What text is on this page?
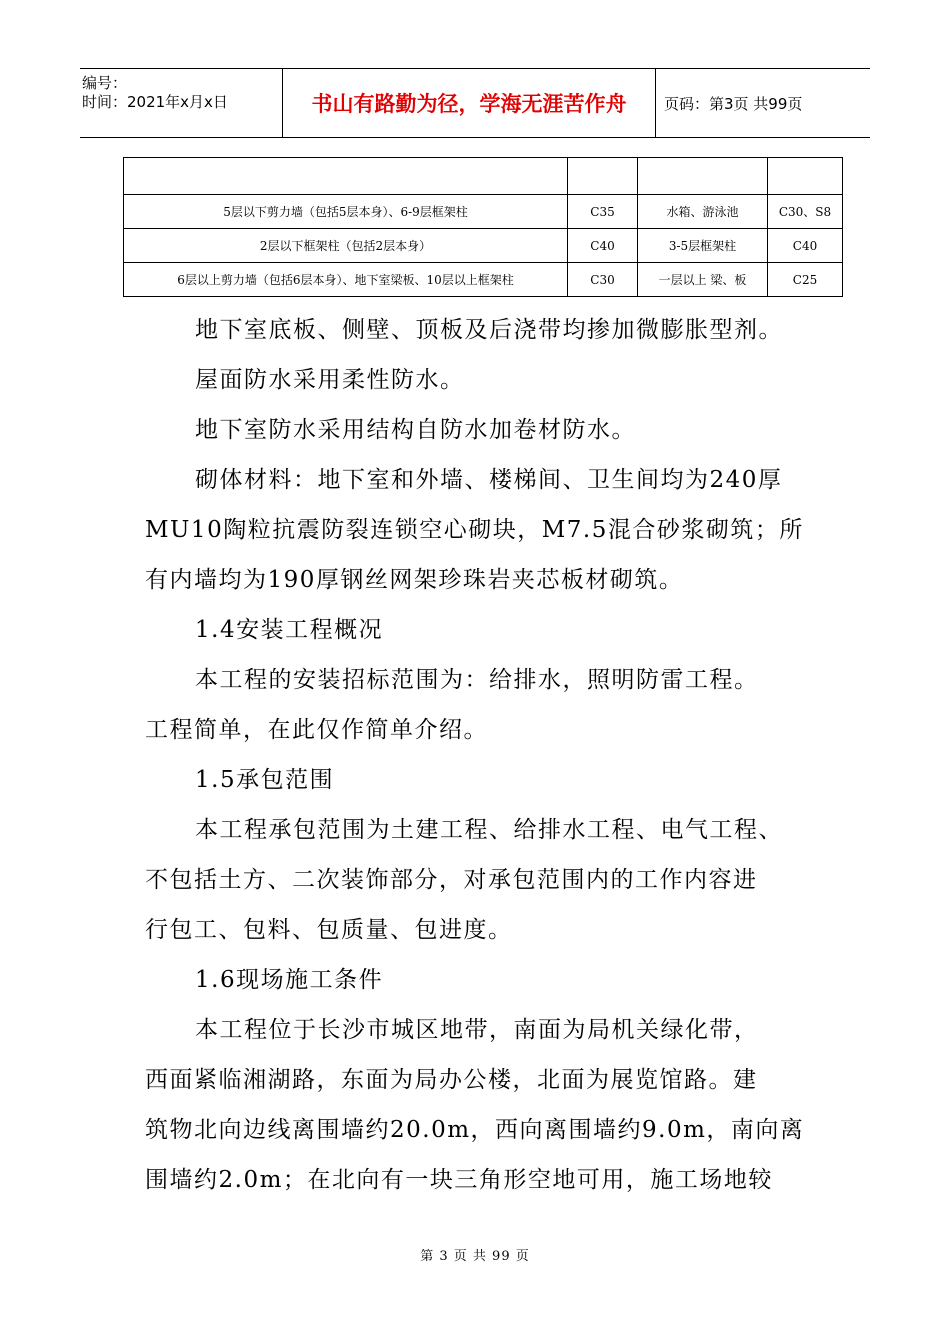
编号：
时间：2021年x月x日	书山有路勤为径，学海无涯苦作舟	页码：第3页 共99页

5层以下剪力墙（包括5层本身）、6-9层框架柱	C35	水箱、游泳池	C30、S8
2层以下框架柱（包括2层本身）	C40	3-5层框架柱	C40
6层以上剪力墙（包括6层本身）、地下室梁板、10层以上框架柱	C30	一层以上 梁、板	C25

地下室底板、侧壁、顶板及后浇带均掺加微膨胀型剂。

屋面防水采用柔性防水。

地下室防水采用结构自防水加卷材防水。

砌体材料：地下室和外墙、楼梯间、卫生间均为240厚

MU10陶粒抗震防裂连锁空心砌块，M7.5混合砂浆砌筑；所

有内墙均为190厚钢丝网架珍珠岩夹芯板材砌筑。

1.4安装工程概况

本工程的安装招标范围为：给排水，照明防雷工程。

工程简单，在此仅作简单介绍。

1.5承包范围

本工程承包范围为土建工程、给排水工程、电气工程、

不包括土方、二次装饰部分，对承包范围内的工作内容进

行包工、包料、包质量、包进度。

1.6现场施工条件

本工程位于长沙市城区地带，南面为局机关绿化带，

西面紧临湘湖路，东面为局办公楼，北面为展览馆路。建

筑物北向边线离围墙约20.0m，西向离围墙约9.0m，南向离

围墙约2.0m；在北向有一块三角形空地可用，施工场地较

第 3 页 共 99 页
